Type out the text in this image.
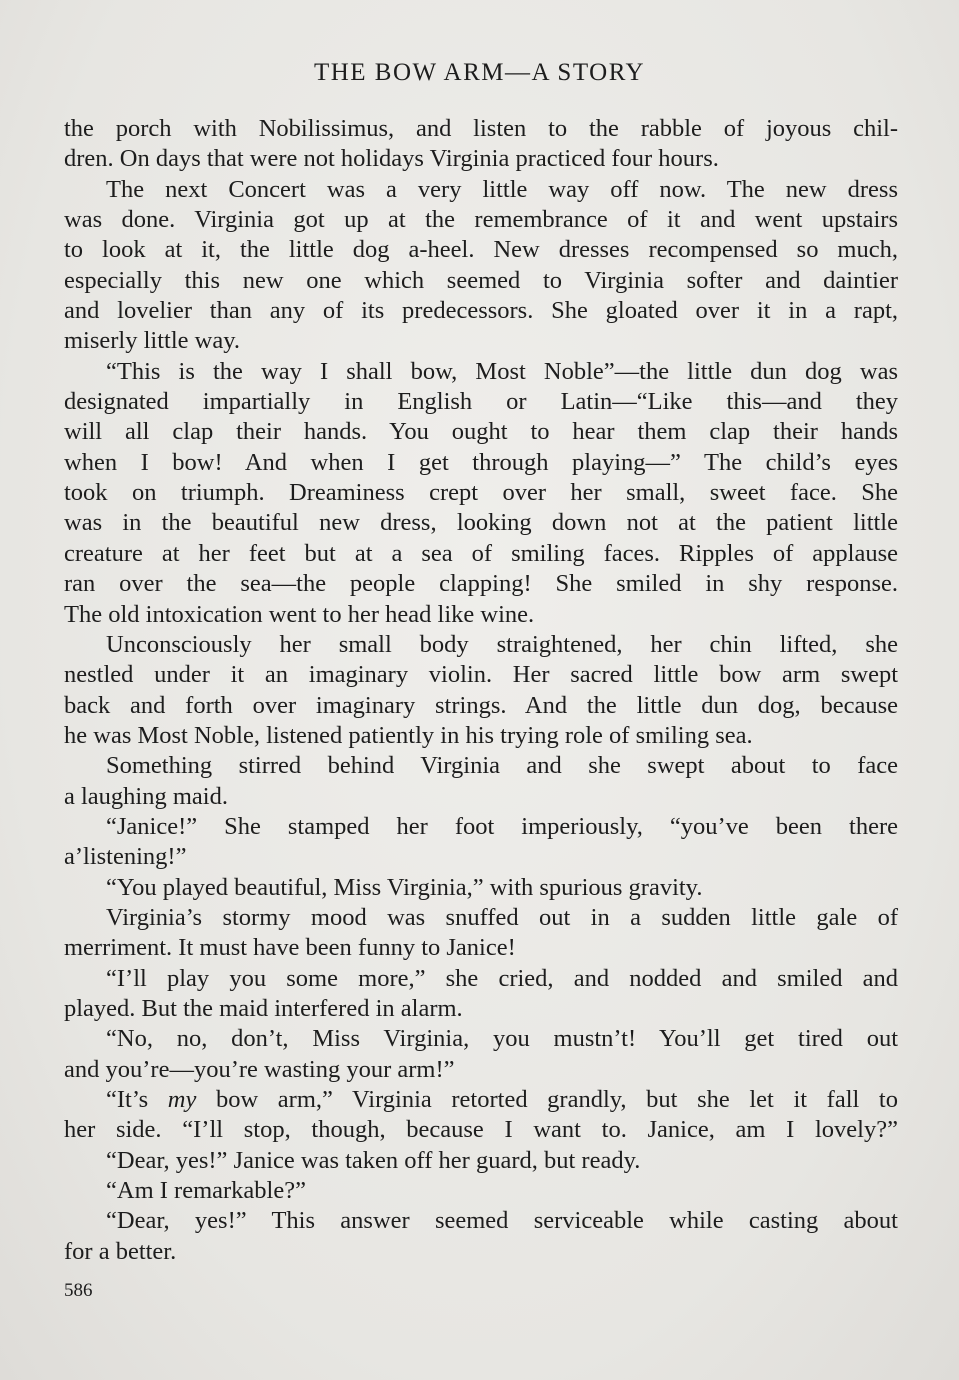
THE BOW ARM—A STORY
the porch with Nobilissimus, and listen to the rabble of joyous chil-
dren. On days that were not holidays Virginia practiced four hours.
The next Concert was a very little way off now. The new dress
was done. Virginia got up at the remembrance of it and went upstairs
to look at it, the little dog a-heel. New dresses recompensed so much,
especially this new one which seemed to Virginia softer and daintier
and lovelier than any of its predecessors. She gloated over it in a rapt,
miserly little way.
“This is the way I shall bow, Most Noble”—the little dun dog was
designated impartially in English or Latin—“Like this—and they
will all clap their hands. You ought to hear them clap their hands
when I bow! And when I get through playing—” The child’s eyes
took on triumph. Dreaminess crept over her small, sweet face. She
was in the beautiful new dress, looking down not at the patient little
creature at her feet but at a sea of smiling faces. Ripples of applause
ran over the sea—the people clapping! She smiled in shy response.
The old intoxication went to her head like wine.
Unconsciously her small body straightened, her chin lifted, she
nestled under it an imaginary violin. Her sacred little bow arm swept
back and forth over imaginary strings. And the little dun dog, because
he was Most Noble, listened patiently in his trying role of smiling sea.
Something stirred behind Virginia and she swept about to face
a laughing maid.
“Janice!” She stamped her foot imperiously, “you’ve been there
a’listening!”
“You played beautiful, Miss Virginia,” with spurious gravity.
Virginia’s stormy mood was snuffed out in a sudden little gale of
merriment. It must have been funny to Janice!
“I’ll play you some more,” she cried, and nodded and smiled and
played. But the maid interfered in alarm.
“No, no, don’t, Miss Virginia, you mustn’t! You’ll get tired out
and you’re—you’re wasting your arm!”
“It’s my bow arm,” Virginia retorted grandly, but she let it fall to
her side. “I’ll stop, though, because I want to. Janice, am I lovely?”
“Dear, yes!” Janice was taken off her guard, but ready.
“Am I remarkable?”
“Dear, yes!” This answer seemed serviceable while casting about
for a better.
586
